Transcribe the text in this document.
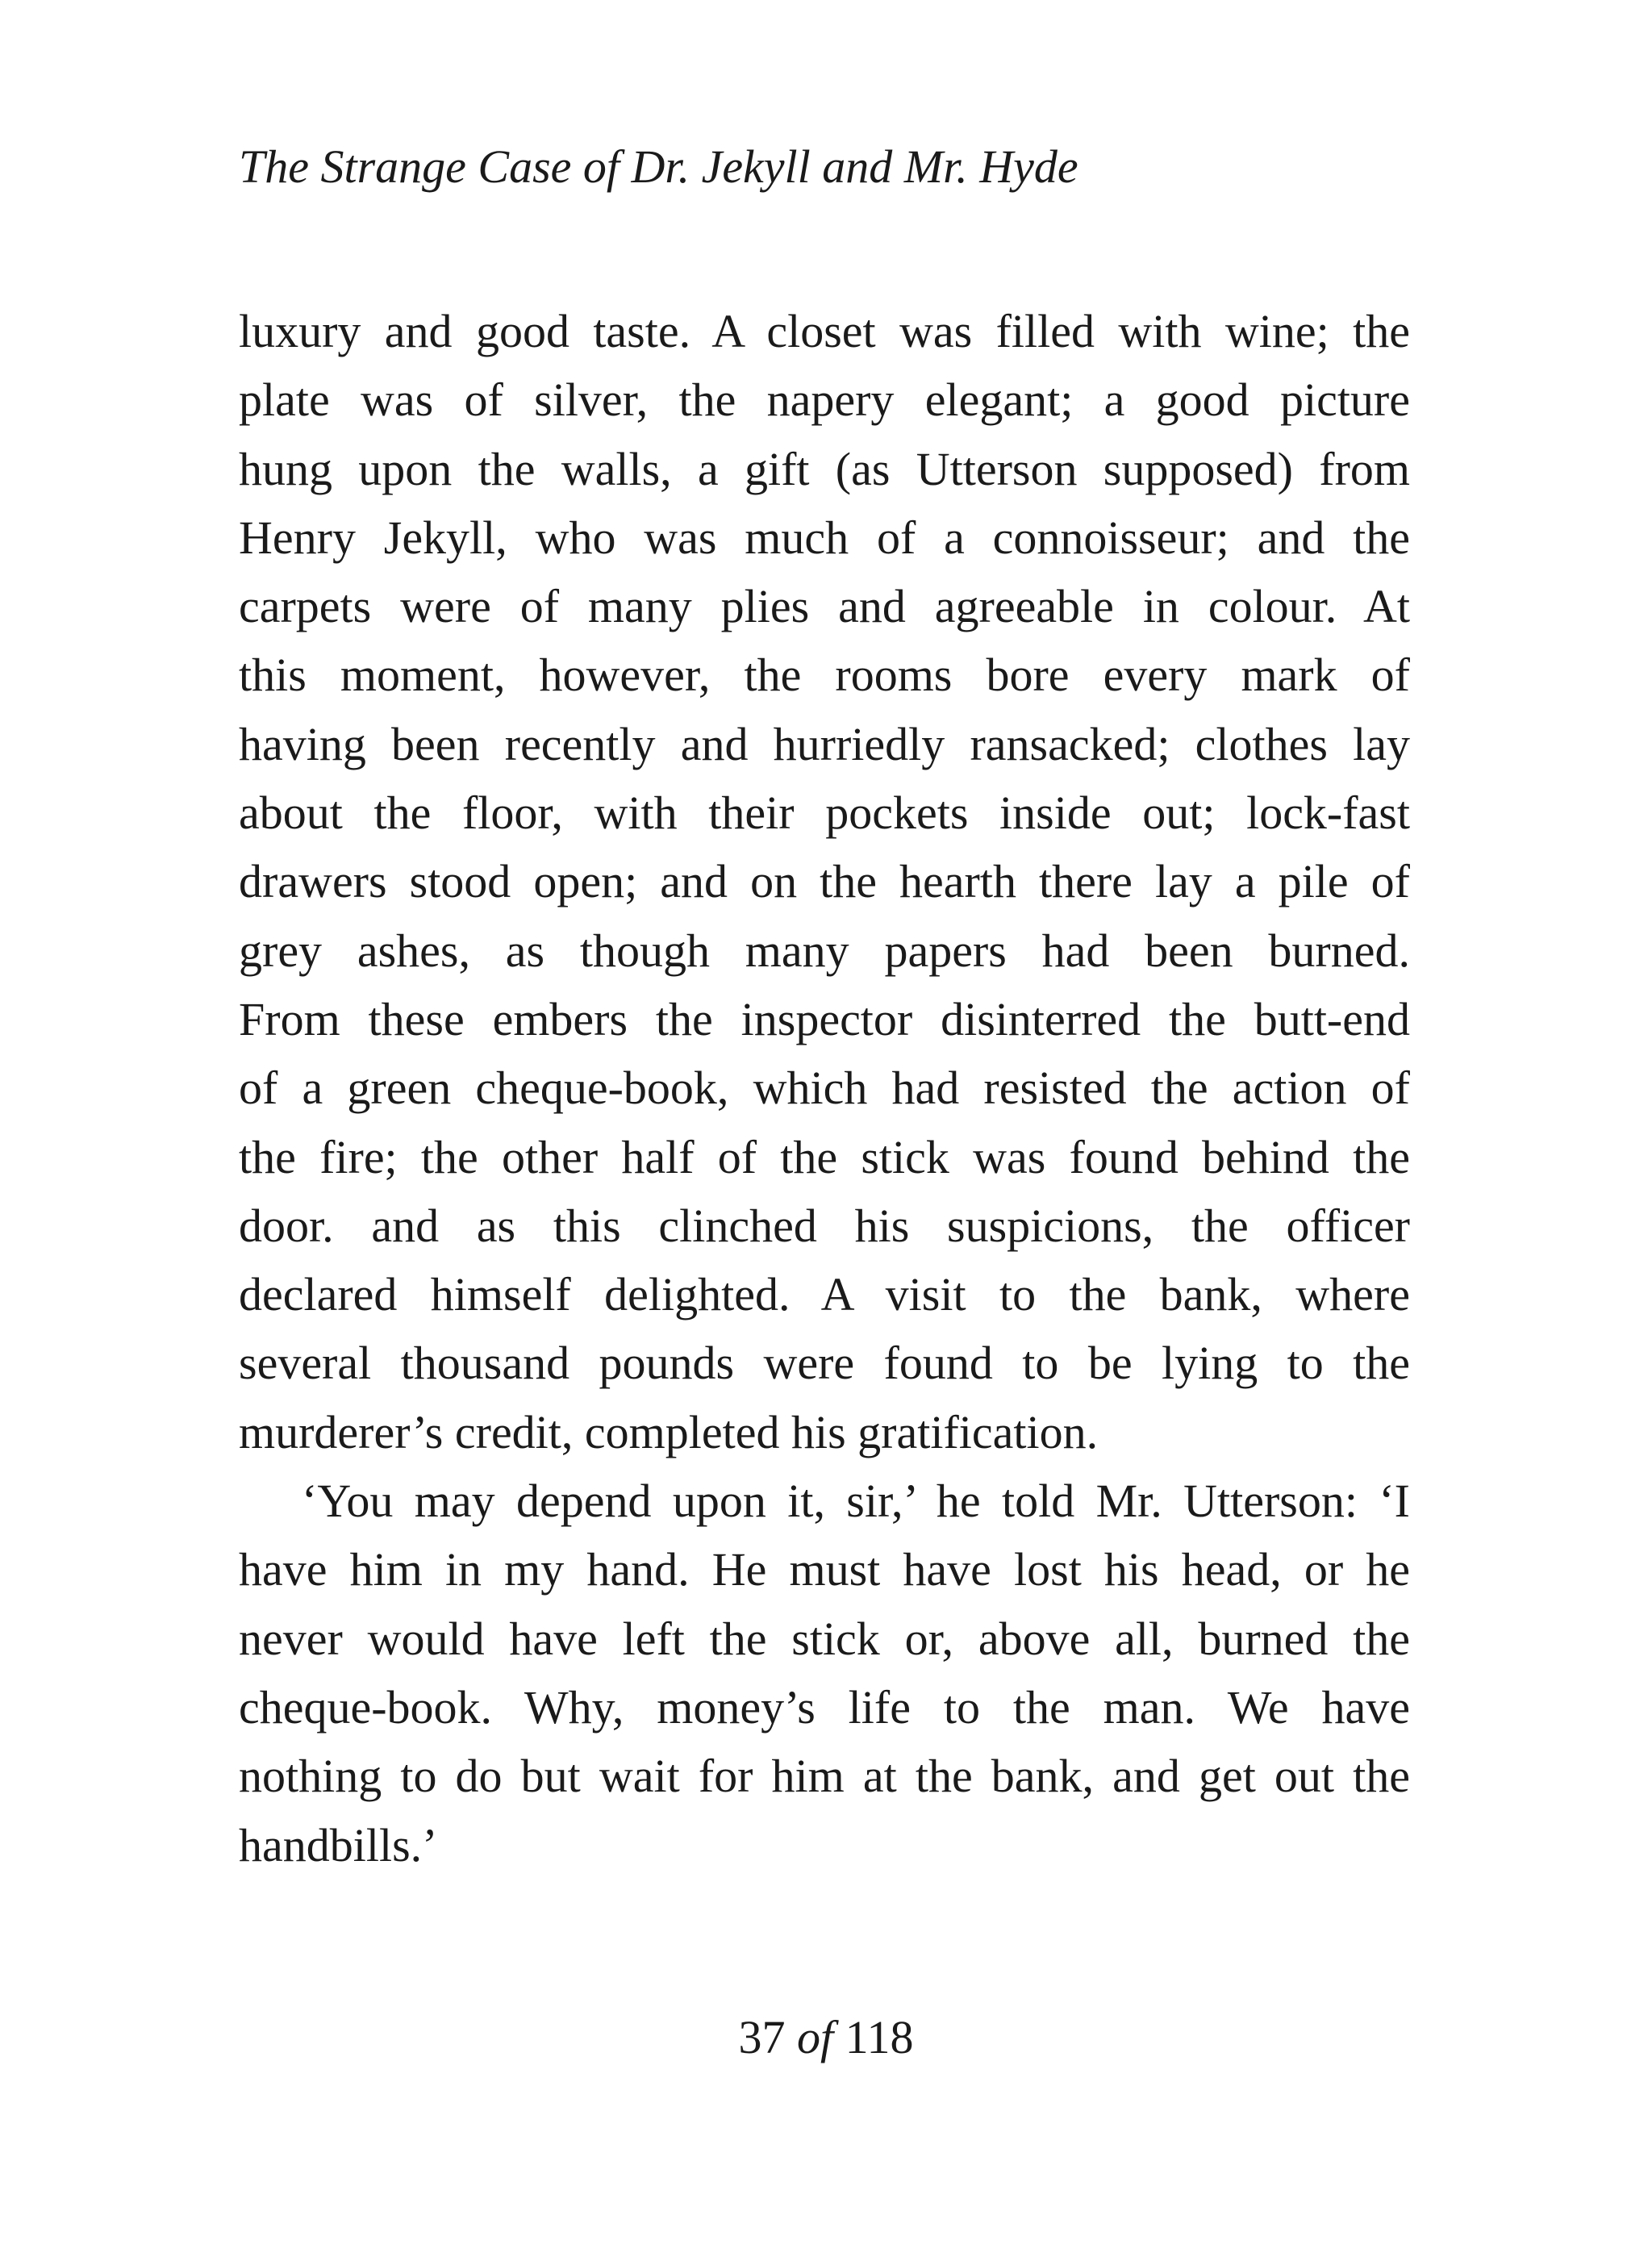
The Strange Case of Dr. Jekyll and Mr. Hyde
luxury and good taste. A closet was filled with wine; the
plate was of silver, the napery elegant; a good picture
hung upon the walls, a gift (as Utterson supposed) from
Henry Jekyll, who was much of a connoisseur; and the
carpets were of many plies and agreeable in colour. At
this moment, however, the rooms bore every mark of
having been recently and hurriedly ransacked; clothes lay
about the floor, with their pockets inside out; lock-fast
drawers stood open; and on the hearth there lay a pile of
grey ashes, as though many papers had been burned.
From these embers the inspector disinterred the butt-end
of a green cheque-book, which had resisted the action of
the fire; the other half of the stick was found behind the
door. and as this clinched his suspicions, the officer
declared himself delighted. A visit to the bank, where
several thousand pounds were found to be lying to the
murderer’s credit, completed his gratification.
‘You may depend upon it, sir,’ he told Mr. Utterson: ‘I
have him in my hand. He must have lost his head, or he
never would have left the stick or, above all, burned the
cheque-book. Why, money’s life to the man. We have
nothing to do but wait for him at the bank, and get out the
handbills.’
37 of 118
